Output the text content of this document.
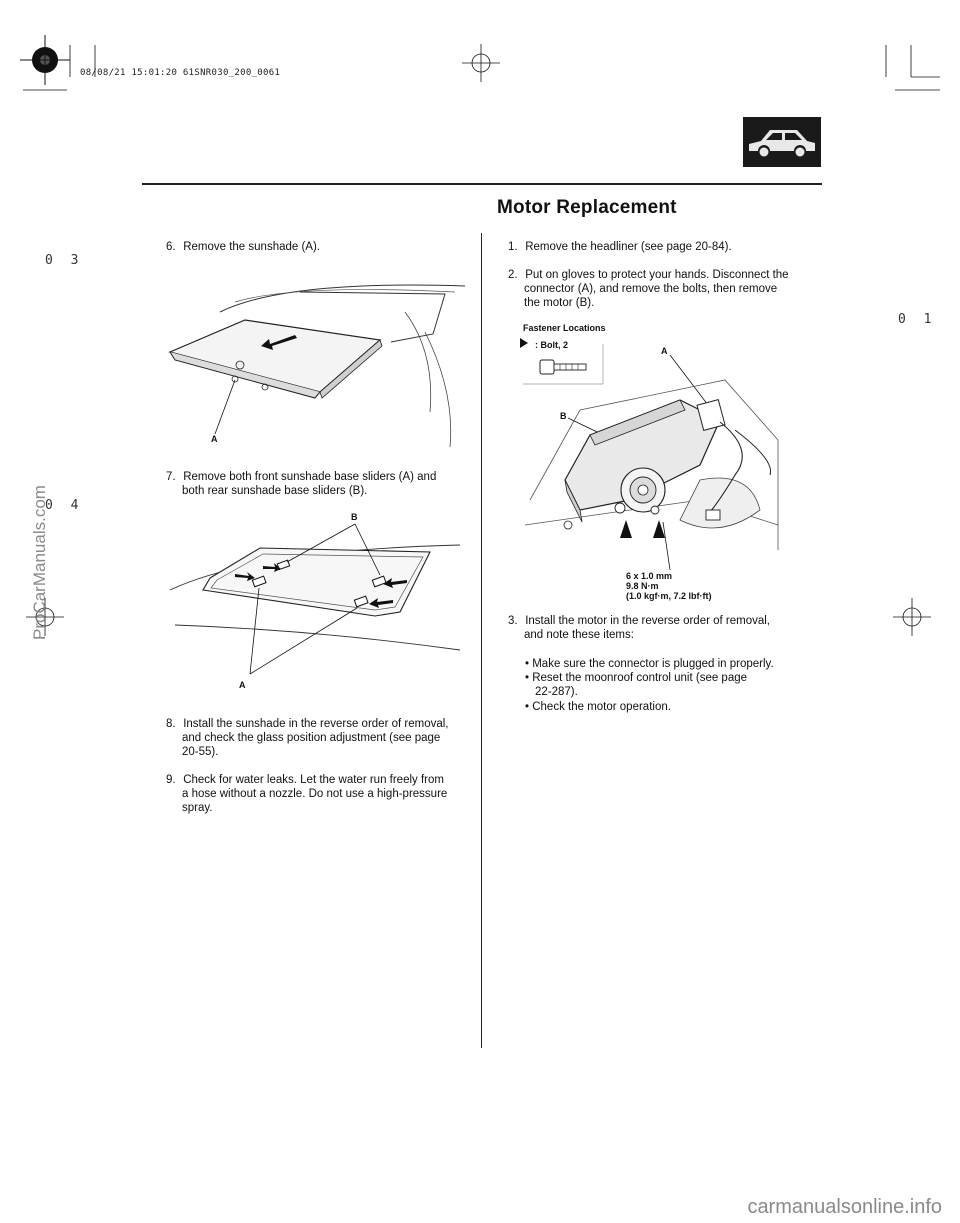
08/08/21 15:01:20 61SNR030_200_0061
0 3
0 4
0 1
Motor Replacement
6. Remove the sunshade (A).
A
7. Remove both front sunshade base sliders (A) and
both rear sunshade base sliders (B).
B
A
8. Install the sunshade in the reverse order of removal,
and check the glass position adjustment (see page
20-55).
9. Check for water leaks. Let the water run freely from
a hose without a nozzle. Do not use a high-pressure
spray.
1. Remove the headliner (see page 20-84).
2. Put on gloves to protect your hands. Disconnect the
connector (A), and remove the bolts, then remove
the motor (B).
Fastener Locations
: Bolt, 2
A
B
6 x 1.0 mm
9.8 N·m
(1.0 kgf·m, 7.2 lbf·ft)
3. Install the motor in the reverse order of removal,
and note these items:
• Make sure the connector is plugged in properly.
• Reset the moonroof control unit (see page
22-287).
• Check the motor operation.
ProCarManuals.com
carmanualsonline.info
